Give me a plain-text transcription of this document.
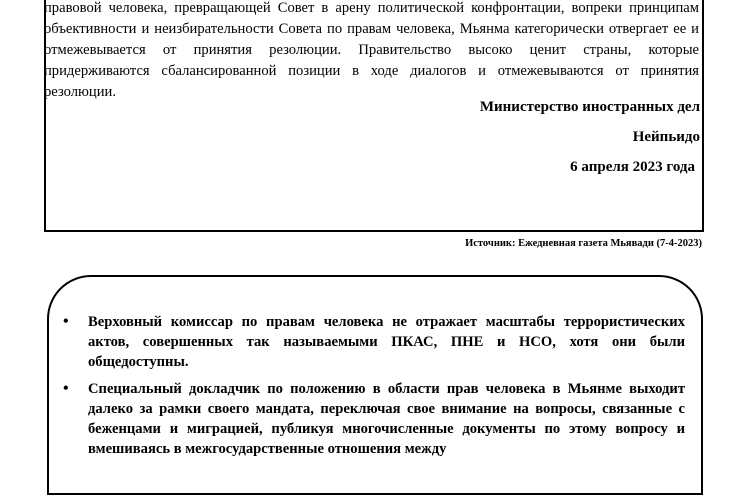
правовой человека, превращающей Совет в арену политической конфронтации, вопреки принципам объективности и неизбирательности Совета по правам человека, Мьянма категорически отвергает ее и отмежевывается от принятия резолюции. Правительство высоко ценит страны, которые придерживаются сбалансированной позиции в ходе диалогов и отмежевываются от принятия резолюции.

Министерство иностранных дел
Нейпьидо
6 апреля 2023 года
Источник: Ежедневная газета Мьявади (7-4-2023)
• Верховный комиссар по правам человека не отражает масштабы террористических актов, совершенных так называемыми ПКАС, ПНЕ и НСО, хотя они были общедоступны.
• Специальный докладчик по положению в области прав человека в Мьянме выходит далеко за рамки своего мандата, переключая свое внимание на вопросы, связанные с беженцами и миграцией, публикуя многочисленные документы по этому вопросу и вмешиваясь в межгосударственные отношения между
